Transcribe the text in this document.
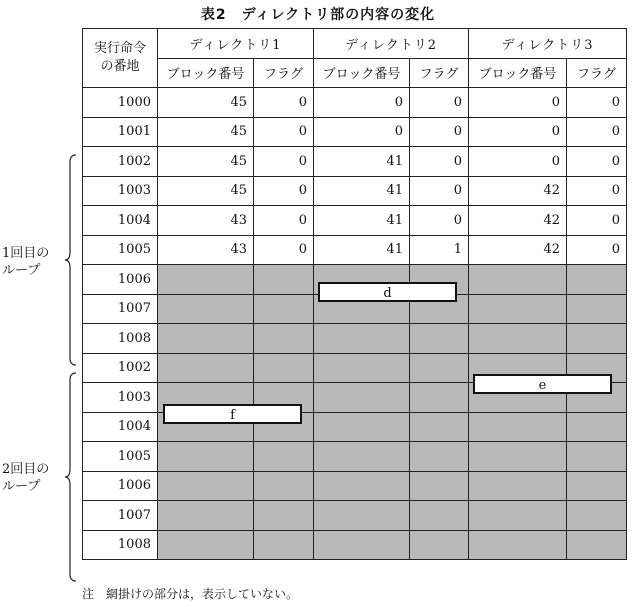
表2　ディレクトリ部の内容の変化
実行命令
の番地	ディレクトリ1		ディレクトリ2		ディレクトリ3	
	ブロック番号	フラグ	ブロック番号	フラグ	ブロック番号	フラグ
1000	45	0	0	0	0	0
1001	45	0	0	0	0	0
1002	45	0	41	0	0	0
1003	45	0	41	0	42	0
1004	43	0	41	0	42	0
1005	43	0	41	1	42	0
1006						
1007						
1008						
1002						
1003						
1004						
1005						
1006						
1007						
1008						
d
e
f
1回目の
ループ
2回目の
ループ
注　網掛けの部分は，表示していない。
